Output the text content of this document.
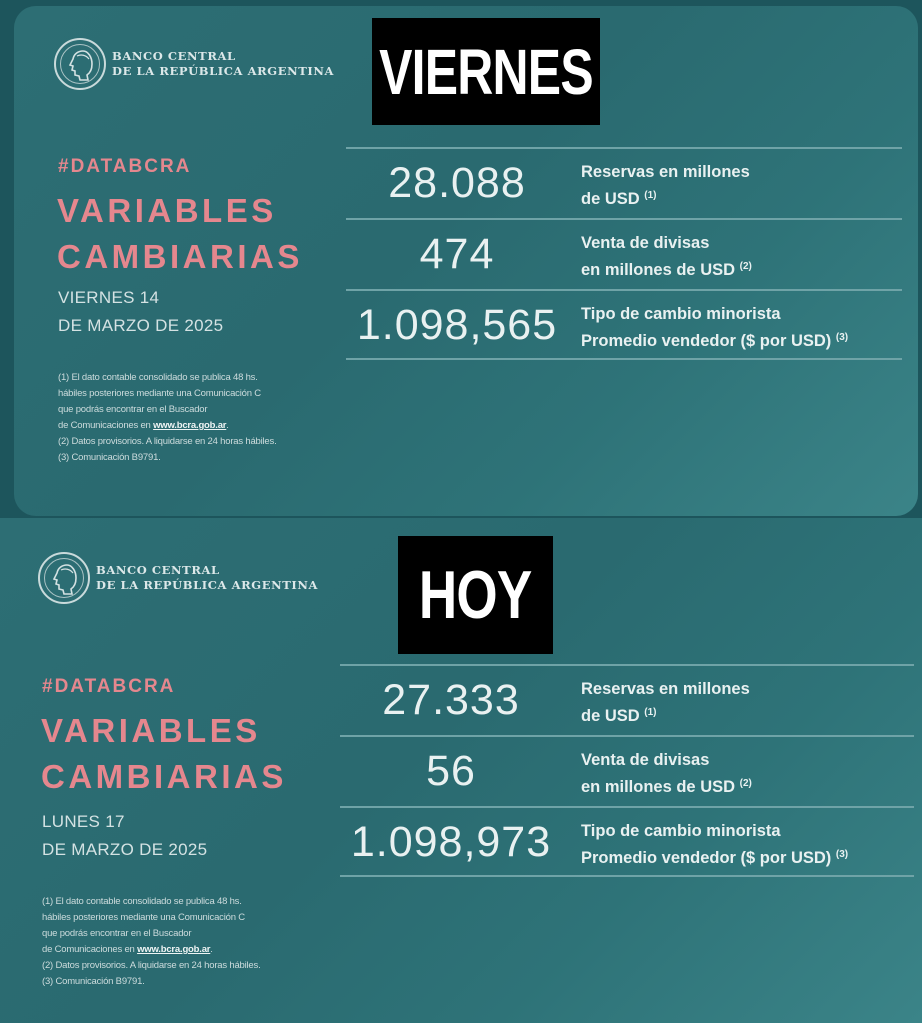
BANCO CENTRAL
DE LA REPÚBLICA ARGENTINA VIERNES
#DATABCRA
VARIABLES
CAMBIARIAS
VIERNES 14
DE MARZO DE 2025
(1) El dato contable consolidado se publica 48 hs.
hábiles posteriores mediante una Comunicación C
que podrás encontrar en el Buscador
de Comunicaciones en www.bcra.gob.ar.
(2) Datos provisorios. A liquidarse en 24 horas hábiles.
(3) Comunicación B9791.
28.088	Reservas en millones
de USD $^{(1)}$
474	Venta de divisas
en millones de USD $^{(2)}$
1.098,565	Tipo de cambio minorista
Promedio vendedor ($ por USD) $^{(3)}$
BANCO CENTRAL
DE LA REPÚBLICA ARGENTINA HOY
#DATABCRA
VARIABLES
CAMBIARIAS
LUNES 17
DE MARZO DE 2025
(1) El dato contable consolidado se publica 48 hs.
hábiles posteriores mediante una Comunicación C
que podrás encontrar en el Buscador
de Comunicaciones en www.bcra.gob.ar.
(2) Datos provisorios. A liquidarse en 24 horas hábiles.
(3) Comunicación B9791.
27.333	Reservas en millones
de USD $^{(1)}$
56	Venta de divisas
en millones de USD $^{(2)}$
1.098,973	Tipo de cambio minorista
Promedio vendedor ($ por USD) $^{(3)}$
